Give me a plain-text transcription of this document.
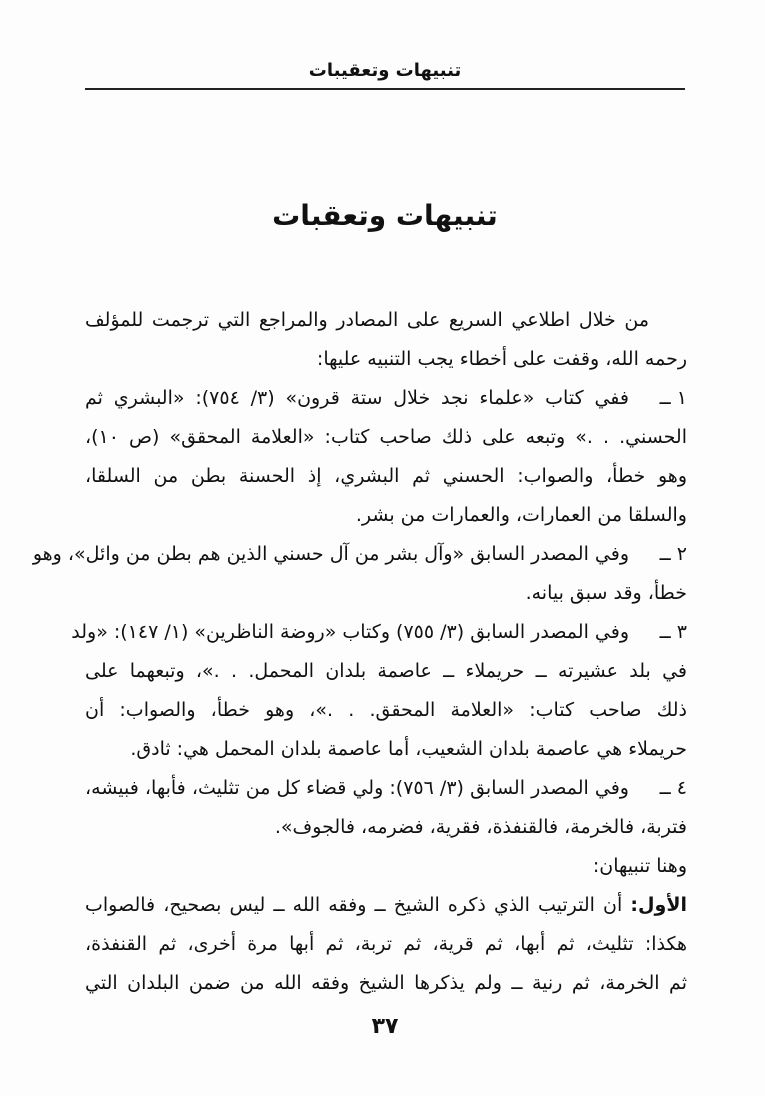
تنبيهات وتعقيبات
تنبيهات وتعقبات
من خلال اطلاعي السريع على المصادر والمراجع التي ترجمت للمؤلف
رحمه الله، وقفت على أخطاء يجب التنبيه عليها:
١ ــ
ففي كتاب «علماء نجد خلال ستة قرون» (٣/ ٧٥٤): «البشري ثم
الحسني. . .» وتبعه على ذلك صاحب كتاب: «العلامة المحقق» (ص ١٠)،
وهو خطأ، والصواب: الحسني ثم البشري، إذ الحسنة بطن من السلقا،
والسلقا من العمارات، والعمارات من بشر.
٢ ــ
وفي المصدر السابق «وآل بشر من آل حسني الذين هم بطن من وائل»، وهو
خطأ، وقد سبق بيانه.
٣ ــ
وفي المصدر السابق (٣/ ٧٥٥) وكتاب «روضة الناظرين» (١/ ١٤٧): «ولد
في بلد عشيرته ــ حريملاء ــ عاصمة بلدان المحمل. . .»، وتبعهما على
ذلك صاحب كتاب: «العلامة المحقق. . .»، وهو خطأ، والصواب: أن
حريملاء هي عاصمة بلدان الشعيب، أما عاصمة بلدان المحمل هي: ثادق.
٤ ــ
وفي المصدر السابق (٣/ ٧٥٦): ولي قضاء كل من تثليث، فأبها، فبيشه،
فتربة، فالخرمة، فالقنفذة، فقرية، فضرمه، فالجوف».
وهنا تنبيهان:
الأول: أن الترتيب الذي ذكره الشيخ ــ وفقه الله ــ ليس بصحيح، فالصواب
هكذا: تثليث، ثم أبها، ثم قرية، ثم تربة، ثم أبها مرة أخرى، ثم القنفذة،
ثم الخرمة، ثم رنية ــ ولم يذكرها الشيخ وفقه الله من ضمن البلدان التي
٣٧
